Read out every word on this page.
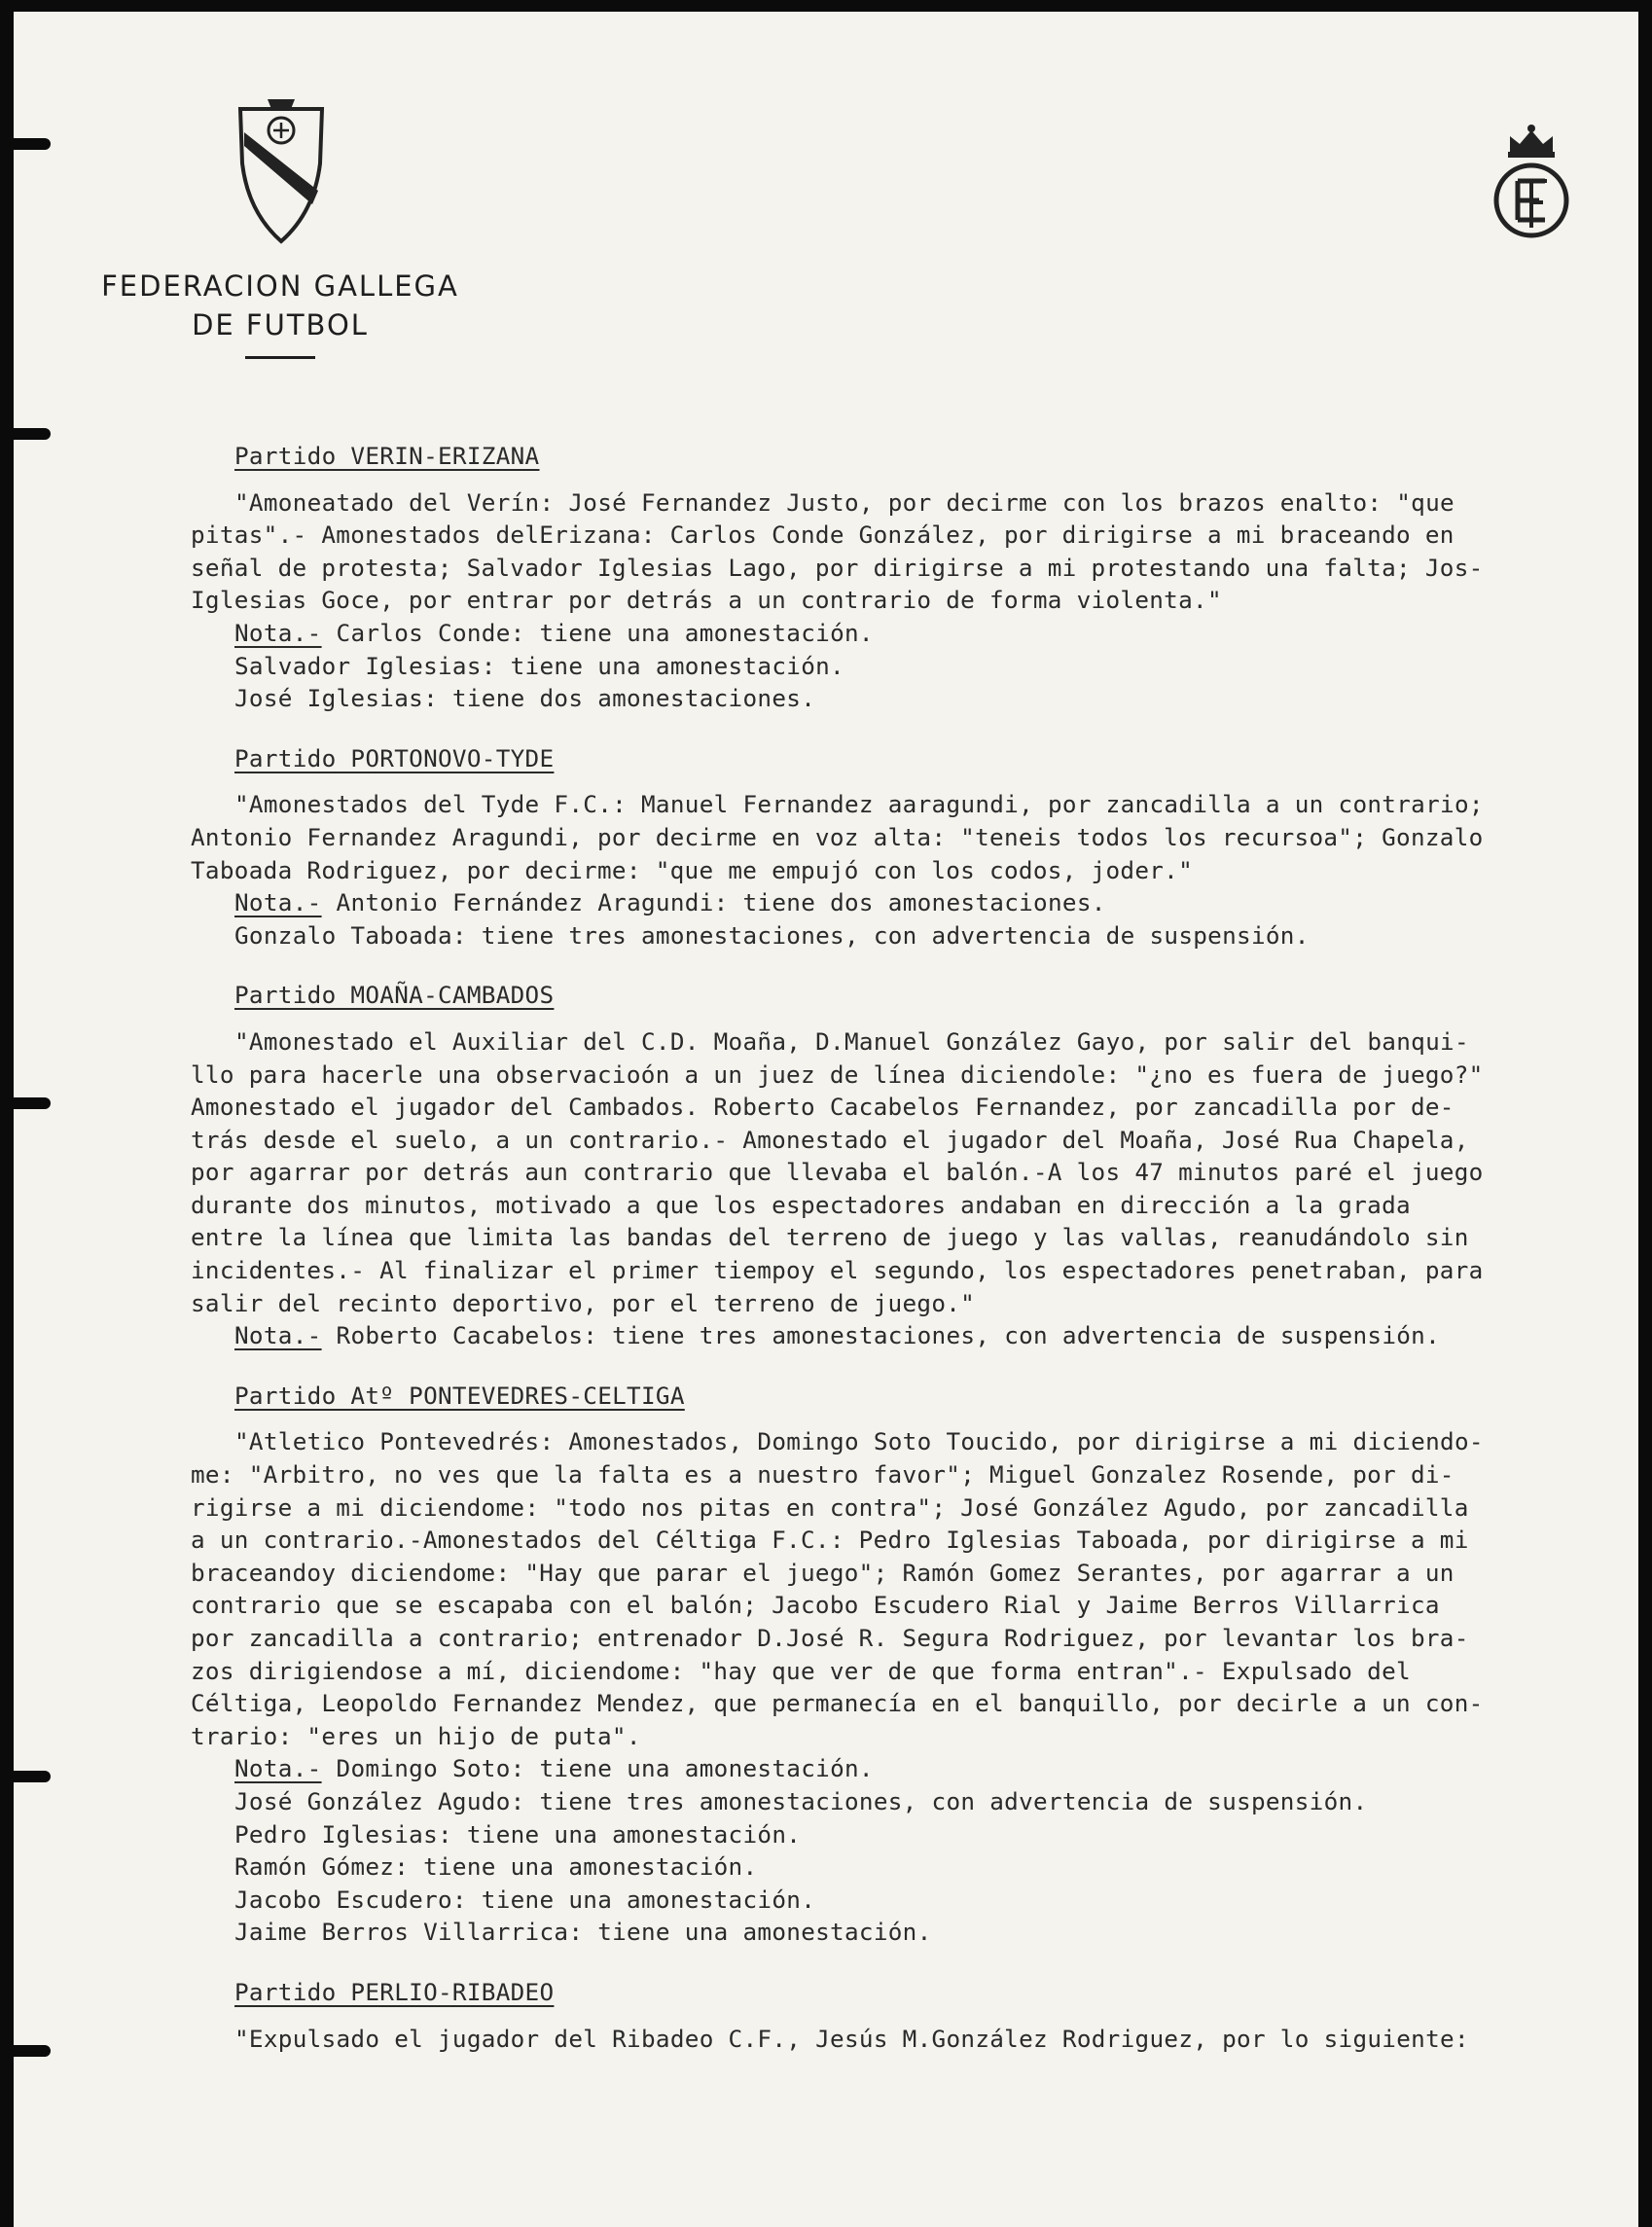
FEDERACION GALLEGA
DE FUTBOL
Partido VERIN-ERIZANA
"Amoneatado del Verín: José Fernandez Justo, por decirme con los brazos enalto: "que
pitas".- Amonestados delErizana: Carlos Conde González, por dirigirse a mi braceando en
señal de protesta; Salvador Iglesias Lago, por dirigirse a mi protestando una falta; Jos-
Iglesias Goce, por entrar por detrás a un contrario de forma violenta."
Nota.- Carlos Conde: tiene una amonestación.
Salvador Iglesias: tiene una amonestación.
José Iglesias: tiene dos amonestaciones.
Partido PORTONOVO-TYDE
"Amonestados del Tyde F.C.: Manuel Fernandez aaragundi, por zancadilla a un contrario;
Antonio Fernandez Aragundi, por decirme en voz alta: "teneis todos los recursoa"; Gonzalo
Taboada Rodriguez, por decirme: "que me empujó con los codos, joder."
Nota.- Antonio Fernández Aragundi: tiene dos amonestaciones.
Gonzalo Taboada: tiene tres amonestaciones, con advertencia de suspensión.
Partido MOAÑA-CAMBADOS
"Amonestado el Auxiliar del C.D. Moaña, D.Manuel González Gayo, por salir del banqui-
llo para hacerle una observacioón a un juez de línea diciendole: "¿no es fuera de juego?"
Amonestado el jugador del Cambados. Roberto Cacabelos Fernandez, por zancadilla por de-
trás desde el suelo, a un contrario.- Amonestado el jugador del Moaña, José Rua Chapela,
por agarrar por detrás aun contrario que llevaba el balón.-A los 47 minutos paré el juego
durante dos minutos, motivado a que los espectadores andaban en dirección a la grada
entre la línea que limita las bandas del terreno de juego y las vallas, reanudándolo sin
incidentes.- Al finalizar el primer tiempoy el segundo, los espectadores penetraban, para
salir del recinto deportivo, por el terreno de juego."
Nota.- Roberto Cacabelos: tiene tres amonestaciones, con advertencia de suspensión.
Partido Atº PONTEVEDRES-CELTIGA
"Atletico Pontevedrés: Amonestados, Domingo Soto Toucido, por dirigirse a mi diciendo-
me: "Arbitro, no ves que la falta es a nuestro favor"; Miguel Gonzalez Rosende, por di-
rigirse a mi diciendome: "todo nos pitas en contra"; José González Agudo, por zancadilla
a un contrario.-Amonestados del Céltiga F.C.: Pedro Iglesias Taboada, por dirigirse a mi
braceandoy diciendome: "Hay que parar el juego"; Ramón Gomez Serantes, por agarrar a un
contrario que se escapaba con el balón; Jacobo Escudero Rial y Jaime Berros Villarrica
por zancadilla a contrario; entrenador D.José R. Segura Rodriguez, por levantar los bra-
zos dirigiendose a mí, diciendome: "hay que ver de que forma entran".- Expulsado del
Céltiga, Leopoldo Fernandez Mendez, que permanecía en el banquillo, por decirle a un con-
trario: "eres un hijo de puta".
Nota.- Domingo Soto: tiene una amonestación.
José González Agudo: tiene tres amonestaciones, con advertencia de suspensión.
Pedro Iglesias: tiene una amonestación.
Ramón Gómez: tiene una amonestación.
Jacobo Escudero: tiene una amonestación.
Jaime Berros Villarrica: tiene una amonestación.
Partido PERLIO-RIBADEO
"Expulsado el jugador del Ribadeo C.F., Jesús M.González Rodriguez, por lo siguiente:
